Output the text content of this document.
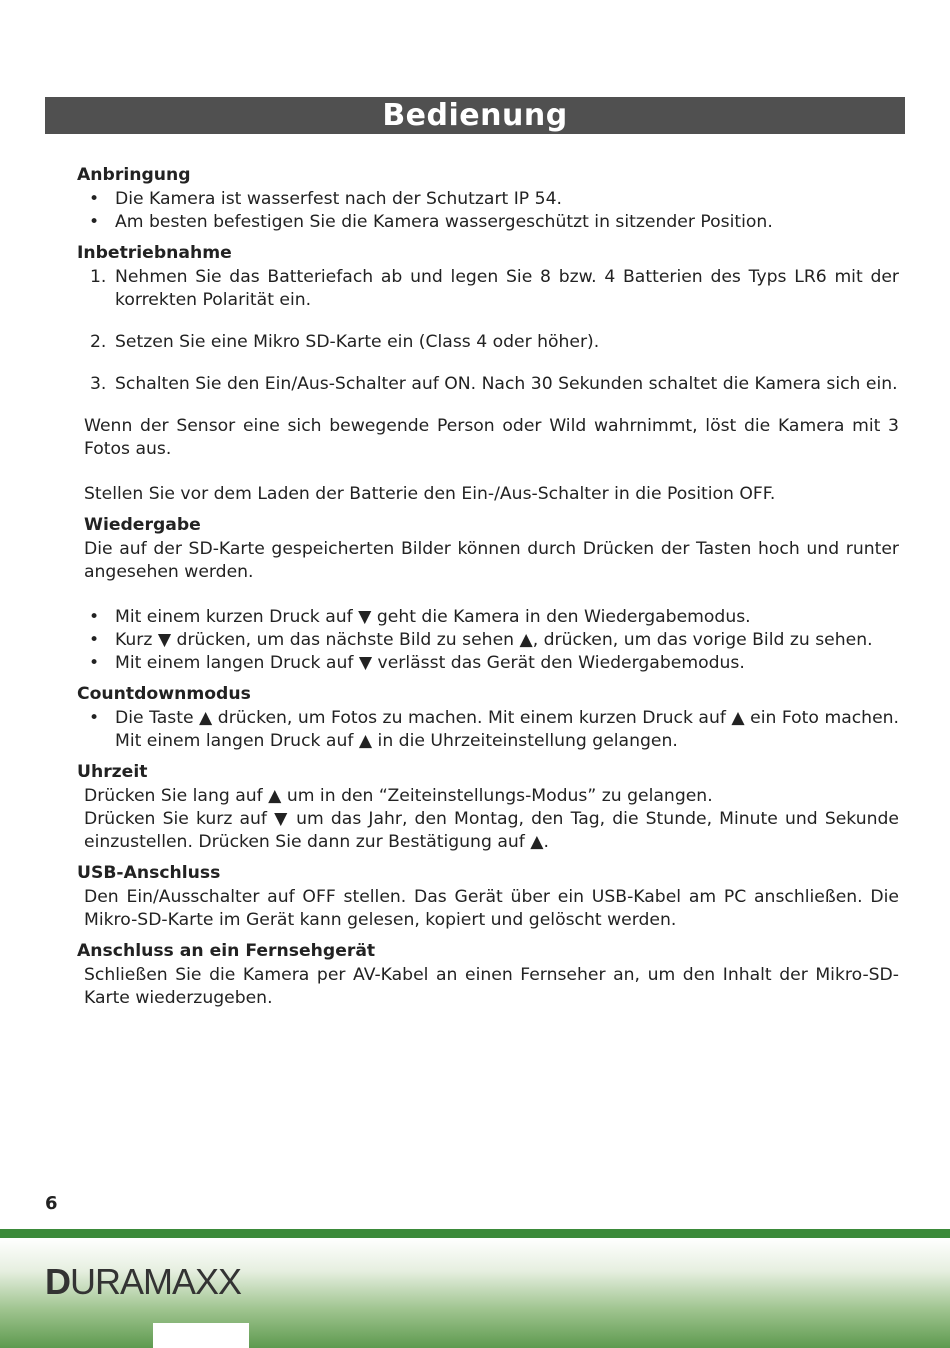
Bedienung
Anbringung
• Die Kamera ist wasserfest nach der Schutzart IP 54.
• Am besten befestigen Sie die Kamera wassergeschützt in sitzender Position.
Inbetriebnahme
1. Nehmen Sie das Batteriefach ab und legen Sie 8 bzw. 4 Batterien des Typs LR6 mit der korrekten Polarität ein.
2. Setzen Sie eine Mikro SD-Karte ein (Class 4 oder höher).
3. Schalten Sie den Ein/Aus-Schalter auf ON. Nach 30 Sekunden schaltet die Kamera sich ein.

Wenn der Sensor eine sich bewegende Person oder Wild wahrnimmt, löst die Kamera mit 3 Fotos aus.

Stellen Sie vor dem Laden der Batterie den Ein-/Aus-Schalter in die Position OFF.

Wiedergabe

Die auf der SD-Karte gespeicherten Bilder können durch Drücken der Tasten hoch und runter angesehen werden.

• Mit einem kurzen Druck auf ▼ geht die Kamera in den Wiedergabemodus.
• Kurz ▼ drücken, um das nächste Bild zu sehen ▲, drücken, um das vorige Bild zu sehen.
• Mit einem langen Druck auf ▼ verlässt das Gerät den Wiedergabemodus.
Countdownmodus
• Die Taste ▲ drücken, um Fotos zu machen. Mit einem kurzen Druck auf ▲ ein Foto machen. Mit einem langen Druck auf ▲ in die Uhrzeiteinstellung gelangen.
Uhrzeit

Drücken Sie lang auf ▲ um in den “Zeiteinstellungs-Modus” zu gelangen.

Drücken Sie kurz auf ▼ um das Jahr, den Montag, den Tag, die Stunde, Minute und Sekunde einzustellen. Drücken Sie dann zur Bestätigung auf ▲.

USB-Anschluss

Den Ein/Ausschalter auf OFF stellen. Das Gerät über ein USB-Kabel am PC anschließen. Die Mikro-SD-Karte im Gerät kann gelesen, kopiert und gelöscht werden.

Anschluss an ein Fernsehgerät

Schließen Sie die Kamera per AV-Kabel an einen Fernseher an, um den Inhalt der Mikro-SD-Karte wiederzugeben.

6
DURAMAXX
